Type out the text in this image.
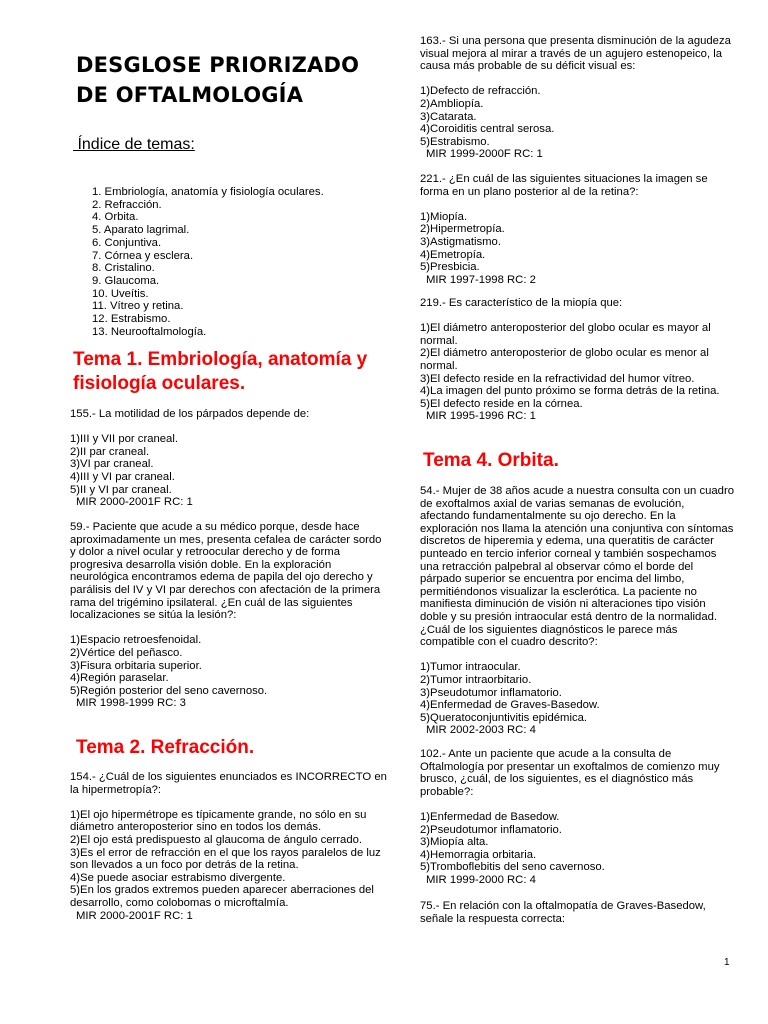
DESGLOSE PRIORIZADO
DE OFTALMOLOGÍA
Índice de temas:
1. Embriología, anatomía y fisiología oculares.
2. Refracción.
4. Orbita.
5. Aparato lagrimal.
6. Conjuntiva.
7. Córnea y esclera.
8. Cristalino.
9. Glaucoma.
10. Uveítis.
11. Vítreo y retina.
12. Estrabismo.
13. Neurooftalmología.
Tema 1. Embriología, anatomía y fisiología oculares.

155.- La motilidad de los párpados depende de:

1)III y VII por craneal.

2)II par craneal.

3)VI par craneal.

4)III y VI par craneal.

5)II y VI par craneal.

MIR 2000-2001F RC: 1

59.- Paciente que acude a su médico porque, desde hace aproximadamente un mes, presenta cefalea de carácter sordo y dolor a nivel ocular y retroocular derecho y de forma progresiva desarrolla visión doble. En la exploración neurológica encontramos edema de papila del ojo derecho y parálisis del IV y VI par derechos con afectación de la primera rama del trigémino ipsilateral. ¿En cuál de las siguientes localizaciones se sitúa la lesión?:

1)Espacio retroesfenoidal.

2)Vértice del peñasco.

3)Fisura orbitaria superior.

4)Región paraselar.

5)Región posterior del seno cavernoso.

MIR 1998-1999 RC: 3

Tema 2. Refracción.

154.- ¿Cuál de los siguientes enunciados es INCORRECTO en la hipermetropía?:

1)El ojo hipermétrope es típicamente grande, no sólo en su diámetro anteroposterior sino en todos los demás.

2)El ojo está predispuesto al glaucoma de ángulo cerrado.

3)Es el error de refracción en el que los rayos paralelos de luz son llevados a un foco por detrás de la retina.

4)Se puede asociar estrabismo divergente.

5)En los grados extremos pueden aparecer aberraciones del desarrollo, como colobomas o microftalmía.

MIR 2000-2001F RC: 1

163.- Si una persona que presenta disminución de la agudeza visual mejora al mirar a través de un agujero estenopeico, la causa más probable de su déficit visual es:

1)Defecto de refracción.

2)Ambliopía.

3)Catarata.

4)Coroiditis central serosa.

5)Estrabismo.

MIR 1999-2000F RC: 1

221.- ¿En cuál de las siguientes situaciones la imagen se forma en un plano posterior al de la retina?:

1)Miopía.

2)Hipermetropía.

3)Astigmatismo.

4)Emetropía.

5)Presbicia.

MIR 1997-1998 RC: 2

219.- Es característico de la miopía que:

1)El diámetro anteroposterior del globo ocular es mayor al normal.

2)El diámetro anteroposterior de globo ocular es menor al normal.

3)El defecto reside en la refractividad del humor vítreo.

4)La imagen del punto próximo se forma detrás de la retina.

5)El defecto reside en la córnea.

MIR 1995-1996 RC: 1

Tema 4. Orbita.

54.- Mujer de 38 años acude a nuestra consulta con un cuadro de exoftalmos axial de varias semanas de evolución, afectando fundamentalmente su ojo derecho. En la exploración nos llama la atención una conjuntiva con síntomas discretos de hiperemia y edema, una queratitis de carácter punteado en tercio inferior corneal y también sospechamos una retracción palpebral al observar cómo el borde del párpado superior se encuentra por encima del limbo, permitiéndonos visualizar la esclerótica. La paciente no manifiesta diminución de visión ni alteraciones tipo visión doble y su presión intraocular está dentro de la normalidad. ¿Cuál de los siguientes diagnósticos le parece más compatible con el cuadro descrito?:

1)Tumor intraocular.

2)Tumor intraorbitario.

3)Pseudotumor inflamatorio.

4)Enfermedad de Graves-Basedow.

5)Queratoconjuntivitis epidémica.

MIR 2002-2003 RC: 4

102.- Ante un paciente que acude a la consulta de Oftalmología por presentar un exoftalmos de comienzo muy brusco, ¿cuál, de los siguientes, es el diagnóstico más probable?:

1)Enfermedad de Basedow.

2)Pseudotumor inflamatorio.

3)Miopía alta.

4)Hemorragia orbitaria.

5)Tromboflebitis del seno cavernoso.

MIR 1999-2000 RC: 4

75.- En relación con la oftalmopatía de Graves-Basedow, señale la respuesta correcta:

1
